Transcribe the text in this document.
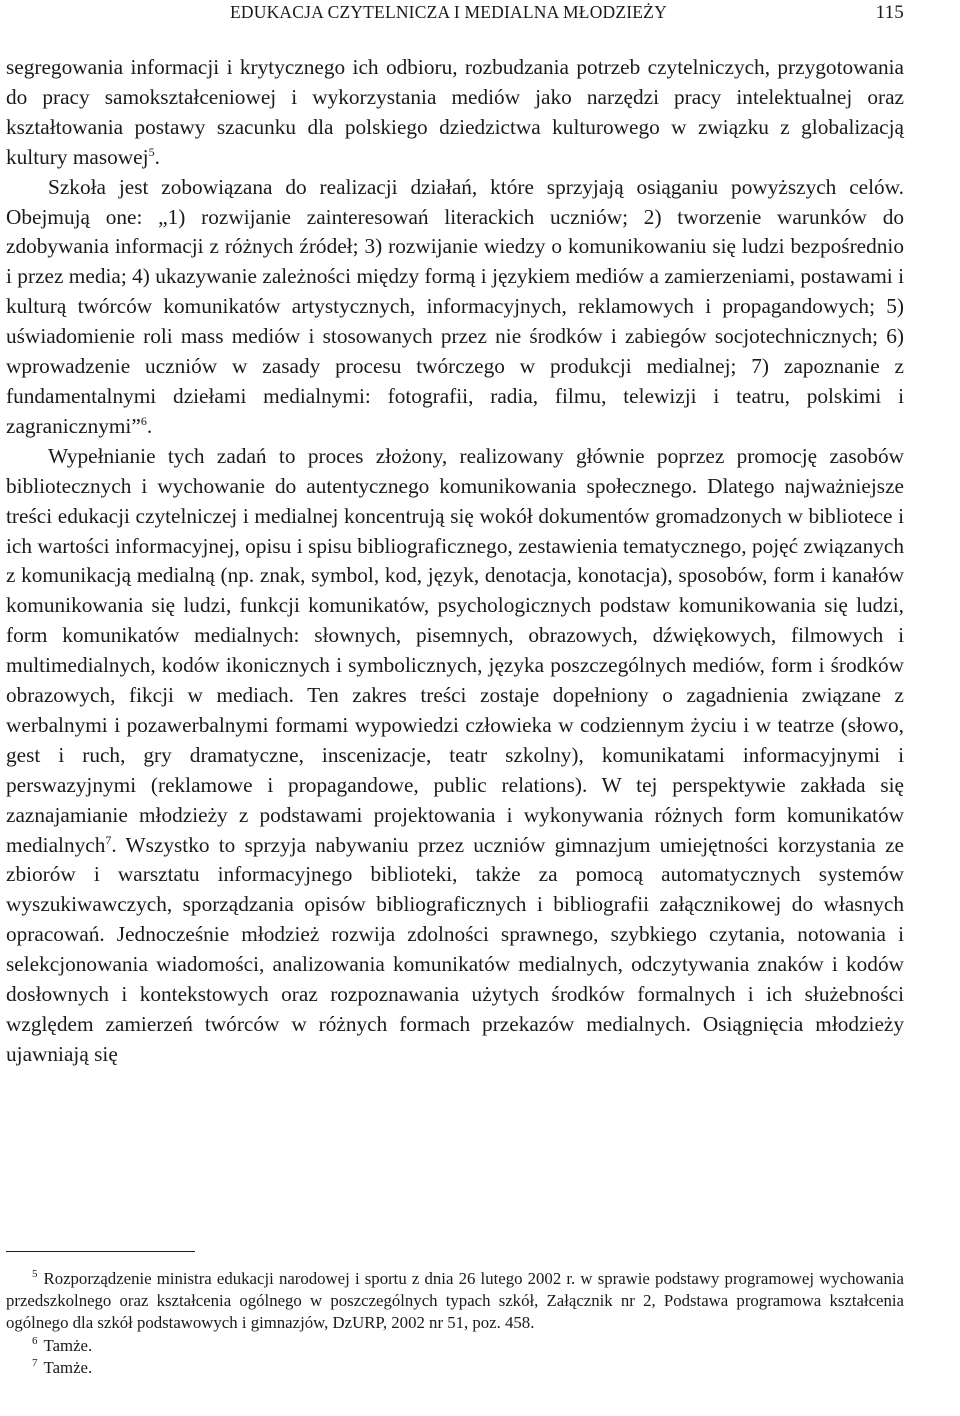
EDUKACJA CZYTELNICZA I MEDIALNA MŁODZIEŻY	115

segregowania informacji i krytycznego ich odbioru, rozbudzania potrzeb czytelniczych, przygotowania do pracy samokształceniowej i wykorzystania mediów jako narzędzi pracy intelektualnej oraz kształtowania postawy szacunku dla polskiego dziedzictwa kulturowego w związku z globalizacją kultury masowej$^5$.

Szkoła jest zobowiązana do realizacji działań, które sprzyjają osiąganiu powyższych celów. Obejmują one: „1) rozwijanie zainteresowań literackich uczniów; 2) tworzenie warunków do zdobywania informacji z różnych źródeł; 3) rozwijanie wiedzy o komunikowaniu się ludzi bezpośrednio i przez media; 4) ukazywanie zależności między formą i językiem mediów a zamierzeniami, postawami i kulturą twórców komunikatów artystycznych, informacyjnych, reklamowych i propagandowych; 5) uświadomienie roli mass mediów i stosowanych przez nie środków i zabiegów socjotechnicznych; 6) wprowadzenie uczniów w zasady procesu twórczego w produkcji medialnej; 7) zapoznanie z fundamentalnymi dziełami medialnymi: fotografii, radia, filmu, telewizji i teatru, polskimi i zagranicznymi”$^6$.

Wypełnianie tych zadań to proces złożony, realizowany głównie poprzez promocję zasobów bibliotecznych i wychowanie do autentycznego komunikowania społecznego. Dlatego najważniejsze treści edukacji czytelniczej i medialnej koncentrują się wokół dokumentów gromadzonych w bibliotece i ich wartości informacyjnej, opisu i spisu bibliograficznego, zestawienia tematycznego, pojęć związanych z komunikacją medialną (np. znak, symbol, kod, język, denotacja, konotacja), sposobów, form i kanałów komunikowania się ludzi, funkcji komunikatów, psychologicznych podstaw komunikowania się ludzi, form komunikatów medialnych: słownych, pisemnych, obrazowych, dźwiękowych, filmowych i multimedialnych, kodów ikonicznych i symbolicznych, języka poszczególnych mediów, form i środków obrazowych, fikcji w mediach. Ten zakres treści zostaje dopełniony o zagadnienia związane z werbalnymi i pozawerbalnymi formami wypowiedzi człowieka w codziennym życiu i w teatrze (słowo, gest i ruch, gry dramatyczne, inscenizacje, teatr szkolny), komunikatami informacyjnymi i perswazyjnymi (reklamowe i propagandowe, public relations). W tej perspektywie zakłada się zaznajamianie młodzieży z podstawami projektowania i wykonywania różnych form komunikatów medialnych$^7$. Wszystko to sprzyja nabywaniu przez uczniów gimnazjum umiejętności korzystania ze zbiorów i warsztatu informacyjnego biblioteki, także za pomocą automatycznych systemów wyszukiwawczych, sporządzania opisów bibliograficznych i bibliografii załącznikowej do własnych opracowań. Jednocześnie młodzież rozwija zdolności sprawnego, szybkiego czytania, notowania i selekcjonowania wiadomości, analizowania komunikatów medialnych, odczytywania znaków i kodów dosłownych i kontekstowych oraz rozpoznawania użytych środków formalnych i ich służebności względem zamierzeń twórców w różnych formach przekazów medialnych. Osiągnięcia młodzieży ujawniają się

$^5$ Rozporządzenie ministra edukacji narodowej i sportu z dnia 26 lutego 2002 r. w sprawie podstawy programowej wychowania przedszkolnego oraz kształcenia ogólnego w poszczególnych typach szkół, Załącznik nr 2, Podstawa programowa kształcenia ogólnego dla szkół podstawowych i gimnazjów, DzURP, 2002 nr 51, poz. 458.

$^6$ Tamże.

$^7$ Tamże.
